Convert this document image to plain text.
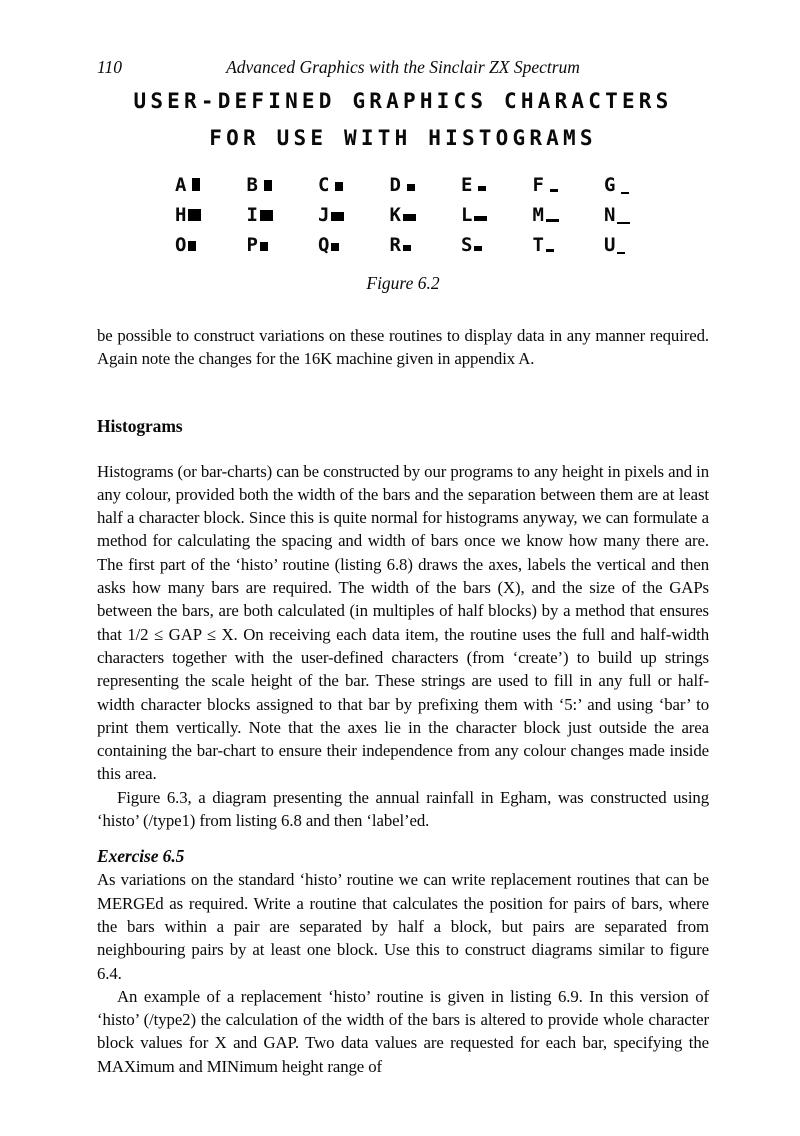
110	Advanced Graphics with the Sinclair ZX Spectrum
USER-DEFINED GRAPHICS CHARACTERS
FOR USE WITH HISTOGRAMS
A	B	C	D	E	F	G
H	I	J	K	L	M	N
O	P	Q	R	S	T	U
Figure 6.2

be possible to construct variations on these routines to display data in any manner required. Again note the changes for the 16K machine given in appendix A.

Histograms

Histograms (or bar-charts) can be constructed by our programs to any height in pixels and in any colour, provided both the width of the bars and the separation between them are at least half a character block. Since this is quite normal for histograms anyway, we can formulate a method for calculating the spacing and width of bars once we know how many there are. The first part of the ‘histo’ routine (listing 6.8) draws the axes, labels the vertical and then asks how many bars are required. The width of the bars (X), and the size of the GAPs between the bars, are both calculated (in multiples of half blocks) by a method that ensures that 1/2 ≤ GAP ≤ X. On receiving each data item, the routine uses the full and half-width characters together with the user-defined characters (from ‘create’) to build up strings representing the scale height of the bar. These strings are used to fill in any full or half-width character blocks assigned to that bar by prefixing them with ‘5:’ and using ‘bar’ to print them vertically. Note that the axes lie in the character block just outside the area containing the bar-chart to ensure their independence from any colour changes made inside this area.

Figure 6.3, a diagram presenting the annual rainfall in Egham, was constructed using ‘histo’ (/type1) from listing 6.8 and then ‘label’ed.

Exercise 6.5

As variations on the standard ‘histo’ routine we can write replacement routines that can be MERGEd as required. Write a routine that calculates the position for pairs of bars, where the bars within a pair are separated by half a block, but pairs are separated from neighbouring pairs by at least one block. Use this to construct diagrams similar to figure 6.4.

An example of a replacement ‘histo’ routine is given in listing 6.9. In this version of ‘histo’ (/type2) the calculation of the width of the bars is altered to provide whole character block values for X and GAP. Two data values are requested for each bar, specifying the MAXimum and MINimum height range of
